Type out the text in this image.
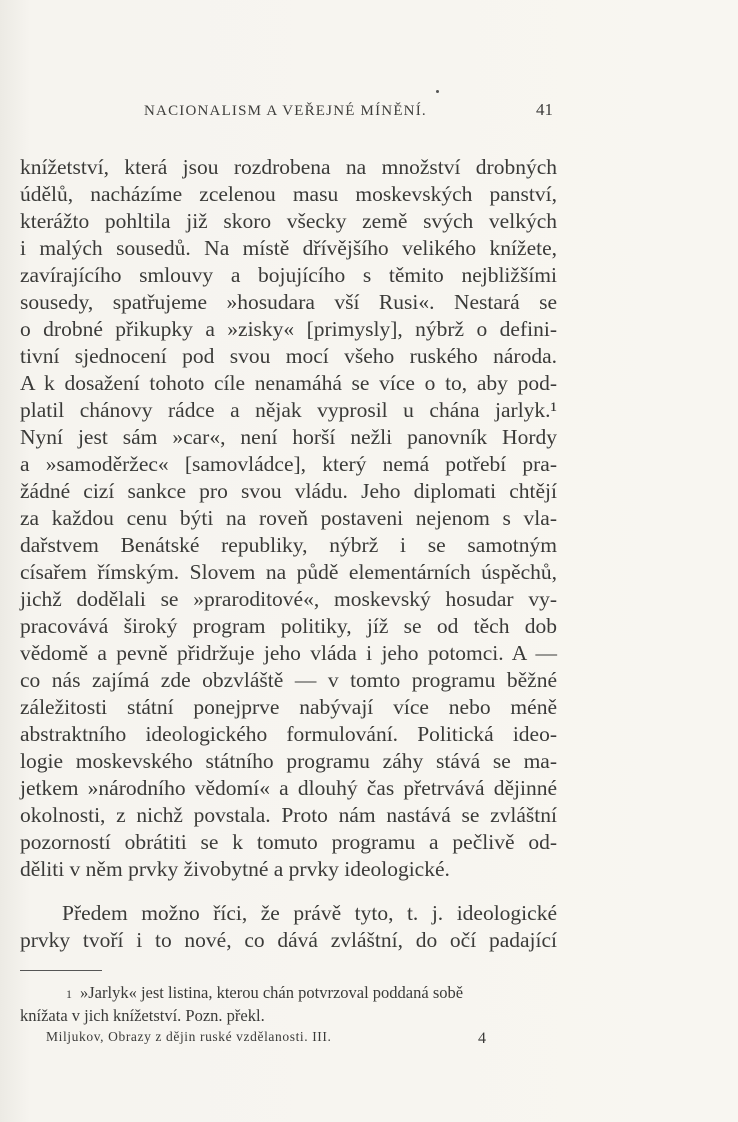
NACIONALISM A VEŘEJNÉ MÍNĚNÍ.	41
knížetství, která jsou rozdrobena na množství drobných
údělů, nacházíme zcelenou masu moskevských panství,
kterážto pohltila již skoro všecky země svých velkých
i malých sousedů. Na místě dřívějšího velikého knížete,
zavírajícího smlouvy a bojujícího s těmito nejbližšími
sousedy, spatřujeme »hosudara vší Rusi«. Nestará se
o drobné přikupky a »zisky« [primysly], nýbrž o defini-
tivní sjednocení pod svou mocí všeho ruského národa.
A k dosažení tohoto cíle nenamáhá se více o to, aby pod-
platil chánovy rádce a nějak vyprosil u chána jarlyk.¹
Nyní jest sám »car«, není horší nežli panovník Hordy
a »samoděržec« [samovládce], který nemá potřebí pra-
žádné cizí sankce pro svou vládu. Jeho diplomati chtějí
za každou cenu býti na roveň postaveni nejenom s vla-
dařstvem Benátské republiky, nýbrž i se samotným
císařem římským. Slovem na půdě elementárních úspěchů,
jichž dodělali se »praroditové«, moskevský hosudar vy-
pracovává široký program politiky, jíž se od těch dob
vědomě a pevně přidržuje jeho vláda i jeho potomci. A —
co nás zajímá zde obzvláště — v tomto programu běžné
záležitosti státní ponejprve nabývají více nebo méně
abstraktního ideologického formulování. Politická ideo-
logie moskevského státního programu záhy stává se ma-
jetkem »národního vědomí« a dlouhý čas přetrvává dějinné
okolnosti, z nichž povstala. Proto nám nastává se zvláštní
pozorností obrátiti se k tomuto programu a pečlivě od-
děliti v něm prvky živobytné a prvky ideologické.
Předem možno říci, že právě tyto, t. j. ideologické
prvky tvoří i to nové, co dává zvláštní, do očí padající
1 »Jarlyk« jest listina, kterou chán potvrzoval poddaná sobě
knížata v jich knížetství. Pozn. překl.
Miljukov, Obrazy z dějin ruské vzdělanosti. III.	4
